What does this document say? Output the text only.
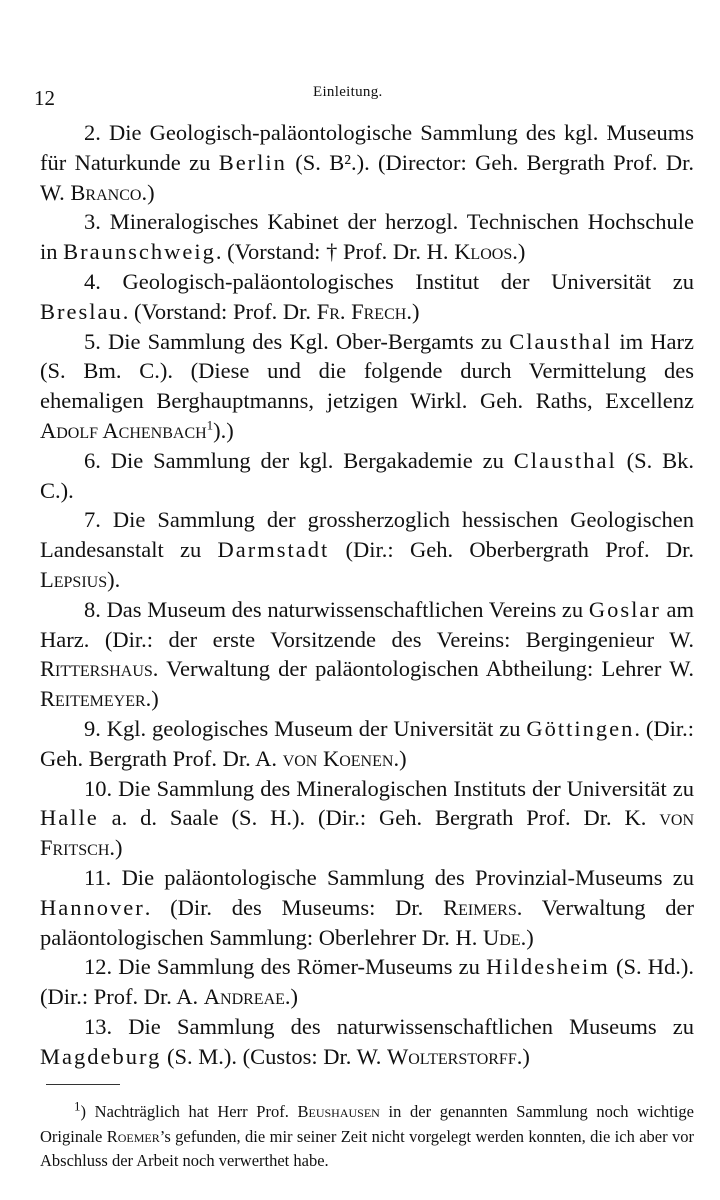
12	Einleitung.

2. Die Geologisch-paläontologische Sammlung des kgl. Museums für Naturkunde zu Berlin (S. B².). (Director: Geh. Bergrath Prof. Dr. W. Branco.)

3. Mineralogisches Kabinet der herzogl. Technischen Hochschule in Braunschweig. (Vorstand: † Prof. Dr. H. Kloos.)

4. Geologisch-paläontologisches Institut der Universität zu Breslau. (Vorstand: Prof. Dr. Fr. Frech.)

5. Die Sammlung des Kgl. Ober-Bergamts zu Clausthal im Harz (S. Bm. C.). (Diese und die folgende durch Vermittelung des ehemaligen Berghauptmanns, jetzigen Wirkl. Geh. Raths, Excellenz Adolf Achenbach$^1$).)

6. Die Sammlung der kgl. Bergakademie zu Clausthal (S. Bk. C.).

7. Die Sammlung der grossherzoglich hessischen Geologischen Landesanstalt zu Darmstadt (Dir.: Geh. Oberbergrath Prof. Dr. Lepsius).

8. Das Museum des naturwissenschaftlichen Vereins zu Goslar am Harz. (Dir.: der erste Vorsitzende des Vereins: Bergingenieur W. Rittershaus. Verwaltung der paläontologischen Abtheilung: Lehrer W. Reitemeyer.)

9. Kgl. geologisches Museum der Universität zu Göttingen. (Dir.: Geh. Bergrath Prof. Dr. A. von Koenen.)

10. Die Sammlung des Mineralogischen Instituts der Universität zu Halle a. d. Saale (S. H.). (Dir.: Geh. Bergrath Prof. Dr. K. von Fritsch.)

11. Die paläontologische Sammlung des Provinzial-Museums zu Hannover. (Dir. des Museums: Dr. Reimers. Verwaltung der paläontologischen Sammlung: Oberlehrer Dr. H. Ude.)

12. Die Sammlung des Römer-Museums zu Hildesheim (S. Hd.). (Dir.: Prof. Dr. A. Andreae.)

13. Die Sammlung des naturwissenschaftlichen Museums zu Magdeburg (S. M.). (Custos: Dr. W. Wolterstorff.)

$^1$) Nachträglich hat Herr Prof. Beushausen in der genannten Sammlung noch wichtige Originale Roemer’s gefunden, die mir seiner Zeit nicht vorgelegt werden konnten, die ich aber vor Abschluss der Arbeit noch verwerthet habe.
